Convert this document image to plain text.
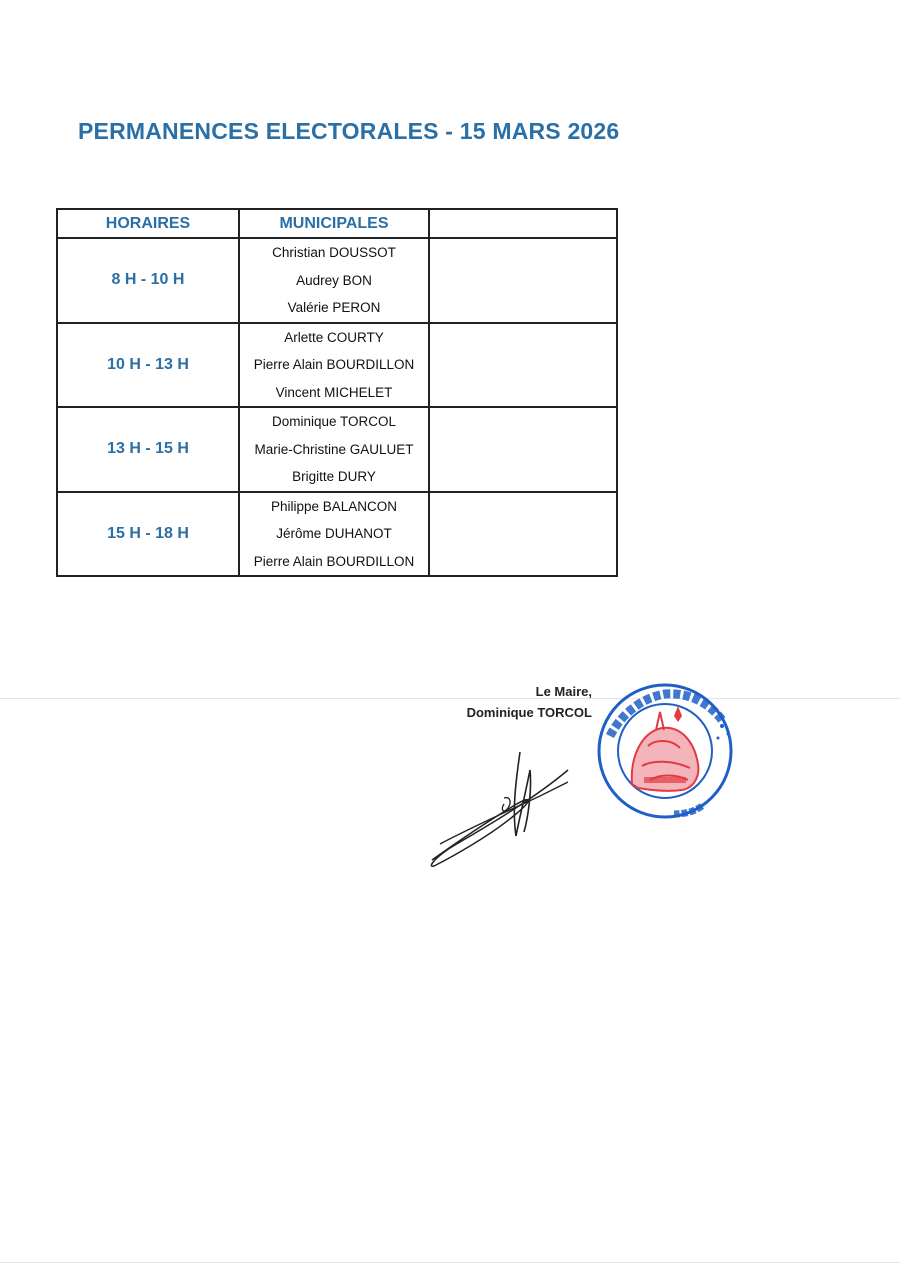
PERMANENCES ELECTORALES - 15 MARS 2026
HORAIRES	MUNICIPALES	
8 H - 10 H	Christian DOUSSOT
Audrey BON
Valérie PERON	

10 H - 13 H	Arlette COURTY
Pierre Alain BOURDILLON
Vincent MICHELET	

13 H - 15 H	Dominique TORCOL
Marie-Christine GAULUET
Brigitte DURY	

15 H - 18 H	Philippe BALANCON
Jérôme DUHANOT
Pierre Alain BOURDILLON	

Le Maire,
Dominique TORCOL
